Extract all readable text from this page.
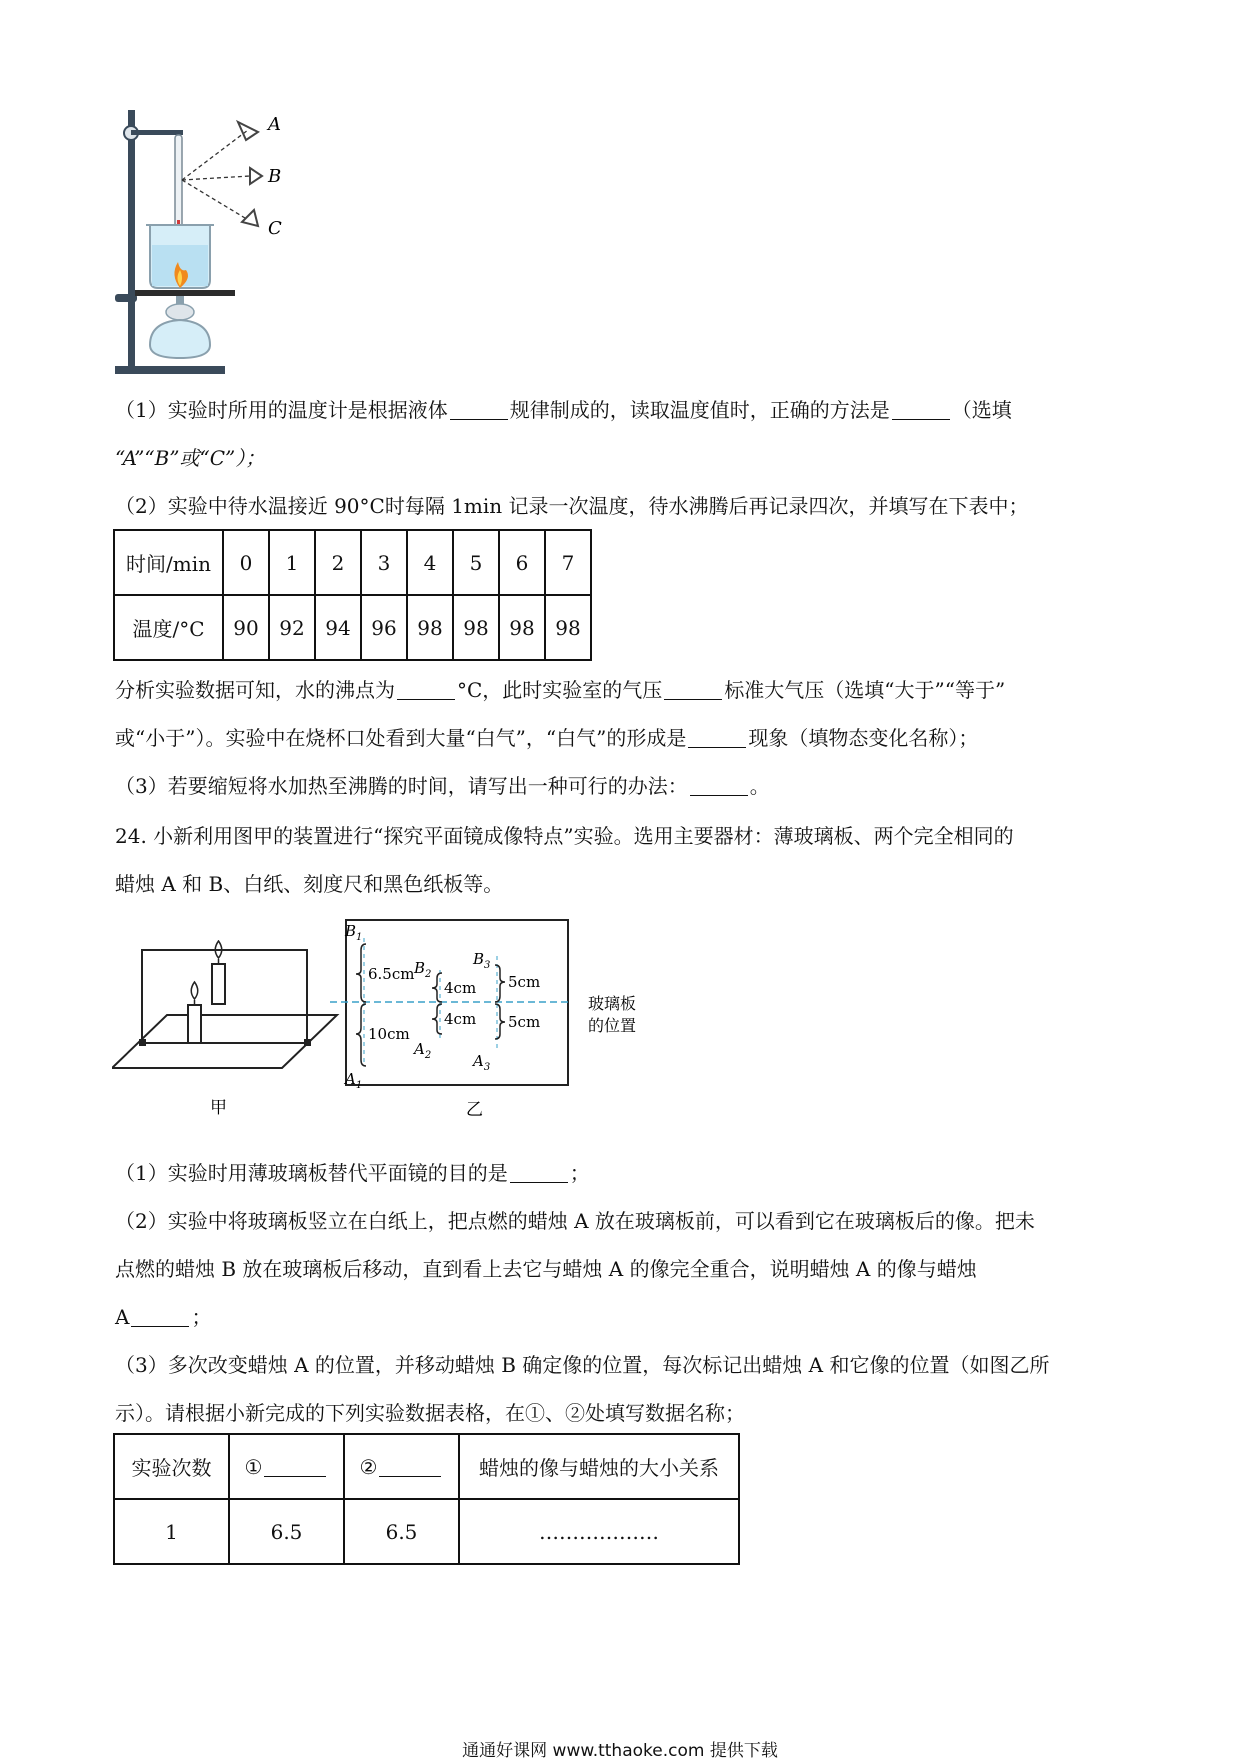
A
B
C
（1）实验时所用的温度计是根据液体	规律制成的，读取温度值时，正确的方法是	（选填
“A”“B”或“C”）；
（2）实验中待水温接近 90°C时每隔 1min 记录一次温度，待水沸腾后再记录四次，并填写在下表中；
时间/min	0	1	2	3	4	5	6	7
温度/°C	90	92	94	96	98	98	98	98
分析实验数据可知，水的沸点为	°C，此时实验室的气压	标准大气压（选填“大于”“等于”
或“小于”）。实验中在烧杯口处看到大量“白气”，“白气”的形成是	现象（填物态变化名称）；
（3）若要缩短将水加热至沸腾的时间，请写出一种可行的办法：	。
24. 小新利用图甲的装置进行“探究平面镜成像特点”实验。选用主要器材：薄玻璃板、两个完全相同的
蜡烛 A 和 B、白纸、刻度尺和黑色纸板等。
甲
$B_1$
$B_2$
$B_3$
$A_1$
$A_2$	$A_3$
6.5cm
10cm
4cm
4cm
5cm
5cm
玻璃板
的位置
乙
（1）实验时用薄玻璃板替代平面镜的目的是	；
（2）实验中将玻璃板竖立在白纸上，把点燃的蜡烛 A 放在玻璃板前，可以看到它在玻璃板后的像。把未
点燃的蜡烛 B 放在玻璃板后移动，直到看上去它与蜡烛 A 的像完全重合，说明蜡烛 A 的像与蜡烛
A	；
（3）多次改变蜡烛 A 的位置，并移动蜡烛 B 确定像的位置，每次标记出蜡烛 A 和它像的位置（如图乙所
示）。请根据小新完成的下列实验数据表格，在①、②处填写数据名称；
实验次数	①	②	蜡烛的像与蜡烛的大小关系
1	6.5	6.5	………………
通通好课网 www.tthaoke.com 提供下载
